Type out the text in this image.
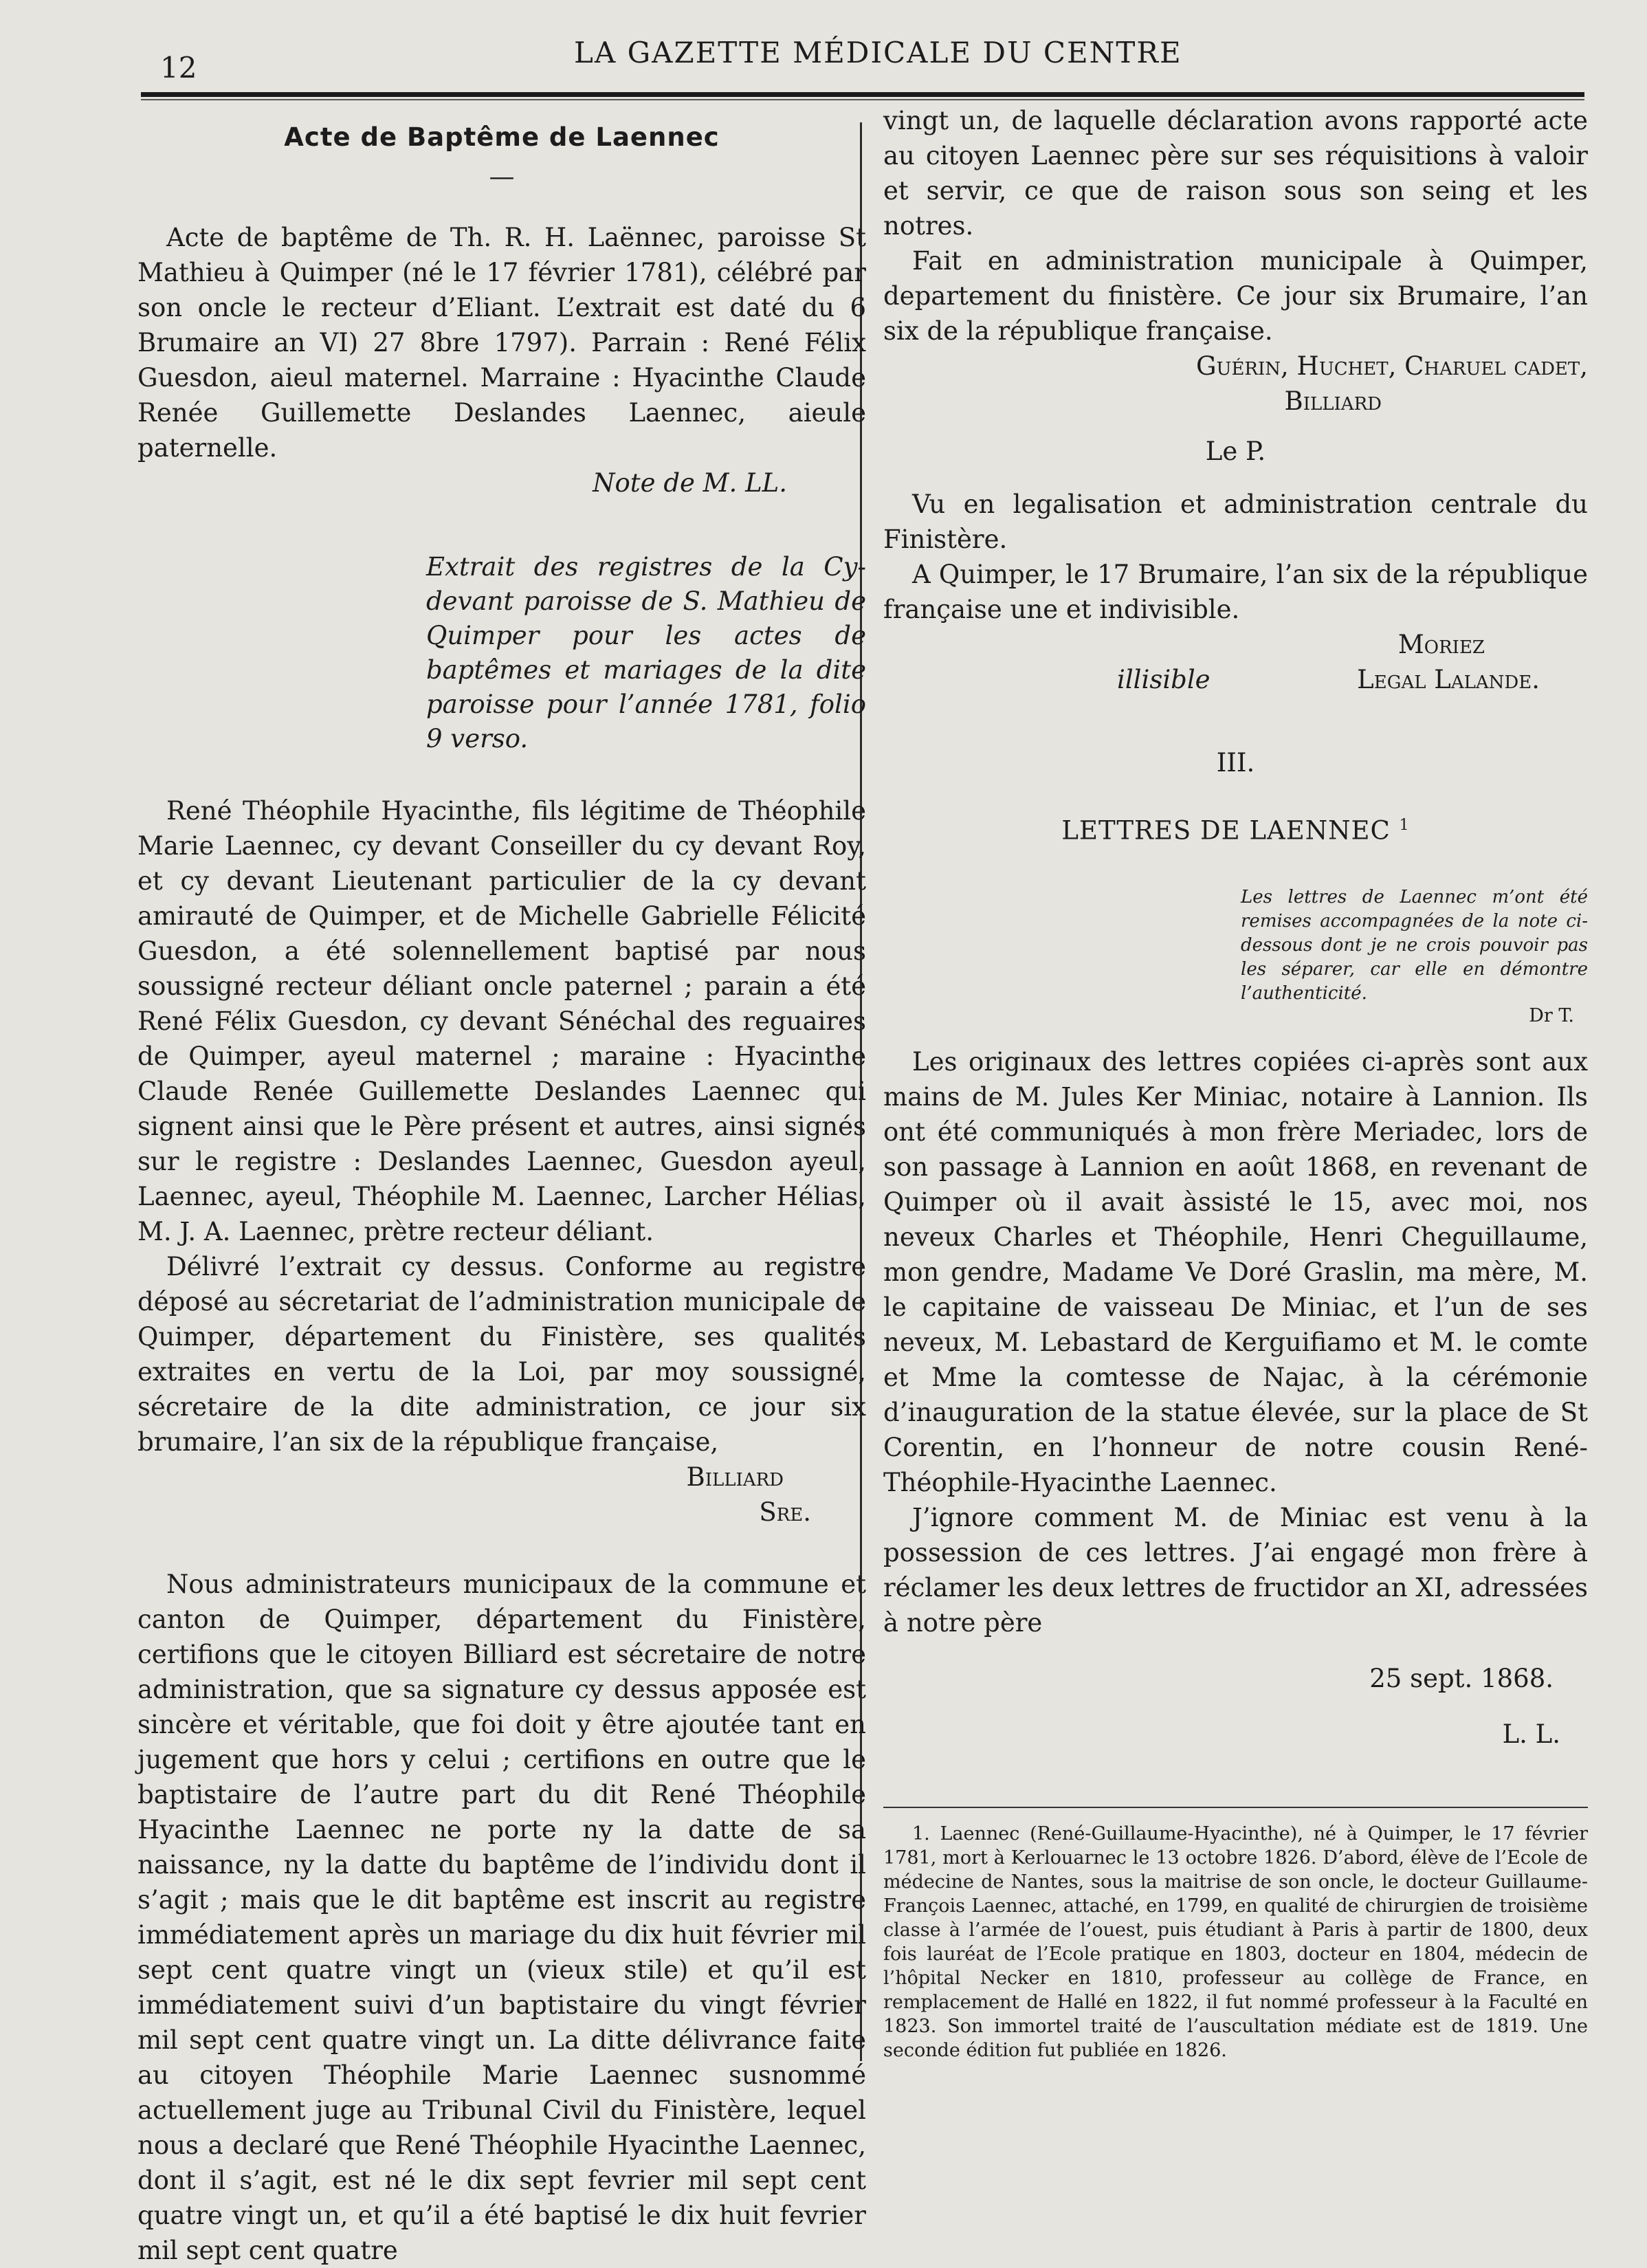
12	LA GAZETTE MÉDICALE DU CENTRE

Acte de Baptême de Laennec

—

Acte de baptême de Th. R. H. Laënnec, paroisse St Mathieu à Quimper (né le 17 février 1781), célébré par son oncle le recteur d’Eliant. L’extrait est daté du 6 Brumaire an VI) 27 8bre 1797). Parrain : René Félix Guesdon, aieul maternel. Marraine : Hyacinthe Claude Renée Guillemette Deslandes Laennec, aieule paternelle.

Note de M. LL.

Extrait des registres de la Cy-devant paroisse de S. Mathieu de Quimper pour les actes de baptêmes et mariages de la dite paroisse pour l’année 1781, folio 9 verso.

René Théophile Hyacinthe, fils légitime de Théophile Marie Laennec, cy devant Conseiller du cy devant Roy, et cy devant Lieutenant particulier de la cy devant amirauté de Quimper, et de Michelle Gabrielle Félicité Guesdon, a été solennellement baptisé par nous soussigné recteur déliant oncle paternel ; parain a été René Félix Guesdon, cy devant Sénéchal des reguaires de Quimper, ayeul maternel ; maraine : Hyacinthe Claude Renée Guillemette Deslandes Laennec qui signent ainsi que le Père présent et autres, ainsi signés sur le registre : Deslandes Laennec, Guesdon ayeul, Laennec, ayeul, Théophile M. Laennec, Larcher Hélias, M. J. A. Laennec, prètre recteur déliant.

Délivré l’extrait cy dessus. Conforme au registre déposé au sécretariat de l’administration municipale de Quimper, département du Finistère, ses qualités extraites en vertu de la Loi, par moy soussigné, sécretaire de la dite administration, ce jour six brumaire, l’an six de la république française,

Billiard

Sre.

Nous administrateurs municipaux de la commune et canton de Quimper, département du Finistère, certifions que le citoyen Billiard est sécretaire de notre administration, que sa signature cy dessus apposée est sincère et véritable, que foi doit y être ajoutée tant en jugement que hors y celui ; certifions en outre que le baptistaire de l’autre part du dit René Théophile Hyacinthe Laennec ne porte ny la datte de sa naissance, ny la datte du baptême de l’individu dont il s’agit ; mais que le dit baptême est inscrit au registre immédiatement après un mariage du dix huit février mil sept cent quatre vingt un (vieux stile) et qu’il est immédiatement suivi d’un baptistaire du vingt février mil sept cent quatre vingt un. La ditte délivrance faite au citoyen Théophile Marie Laennec susnommé actuellement juge au Tribunal Civil du Finistère, lequel nous a declaré que René Théophile Hyacinthe Laennec, dont il s’agit, est né le dix sept fevrier mil sept cent quatre vingt un, et qu’il a été baptisé le dix huit fevrier mil sept cent quatre

vingt un, de laquelle déclaration avons rapporté acte au citoyen Laennec père sur ses réquisitions à valoir et servir, ce que de raison sous son seing et les notres.

Fait en administration municipale à Quimper, departement du finistère. Ce jour six Brumaire, l’an six de la république française.

Guérin, Huchet, Charuel cadet,

Billiard

Le P.

Vu en legalisation et administration centrale du Finistère.

A Quimper, le 17 Brumaire, l’an six de la république française une et indivisible.

Moriez

illisible	Legal Lalande.

III.

LETTRES DE LAENNEC $^1$

Les lettres de Laennec m’ont été remises accompagnées de la note ci-dessous dont je ne crois pouvoir pas les séparer, car elle en démontre l’authenticité.

Dr T.

Les originaux des lettres copiées ci-après sont aux mains de M. Jules Ker Miniac, notaire à Lannion. Ils ont été communiqués à mon frère Meriadec, lors de son passage à Lannion en août 1868, en revenant de Quimper où il avait àssisté le 15, avec moi, nos neveux Charles et Théophile, Henri Cheguillaume, mon gendre, Madame Ve Doré Graslin, ma mère, M. le capitaine de vaisseau De Miniac, et l’un de ses neveux, M. Lebastard de Kerguifiamo et M. le comte et Mme la comtesse de Najac, à la cérémonie d’inauguration de la statue élevée, sur la place de St Corentin, en l’honneur de notre cousin René-Théophile-Hyacinthe Laennec.

J’ignore comment M. de Miniac est venu à la possession de ces lettres. J’ai engagé mon frère à réclamer les deux lettres de fructidor an XI, adressées à notre père

25 sept. 1868.

L. L.

1. Laennec (René-Guillaume-Hyacinthe), né à Quimper, le 17 février 1781, mort à Kerlouarnec le 13 octobre 1826. D’abord, élève de l’Ecole de médecine de Nantes, sous la maitrise de son oncle, le docteur Guillaume-François Laennec, attaché, en 1799, en qualité de chirurgien de troisième classe à l’armée de l’ouest, puis étudiant à Paris à partir de 1800, deux fois lauréat de l’Ecole pratique en 1803, docteur en 1804, médecin de l’hôpital Necker en 1810, professeur au collège de France, en remplacement de Hallé en 1822, il fut nommé professeur à la Faculté en 1823. Son immortel traité de l’auscultation médiate est de 1819. Une seconde édition fut publiée en 1826.
